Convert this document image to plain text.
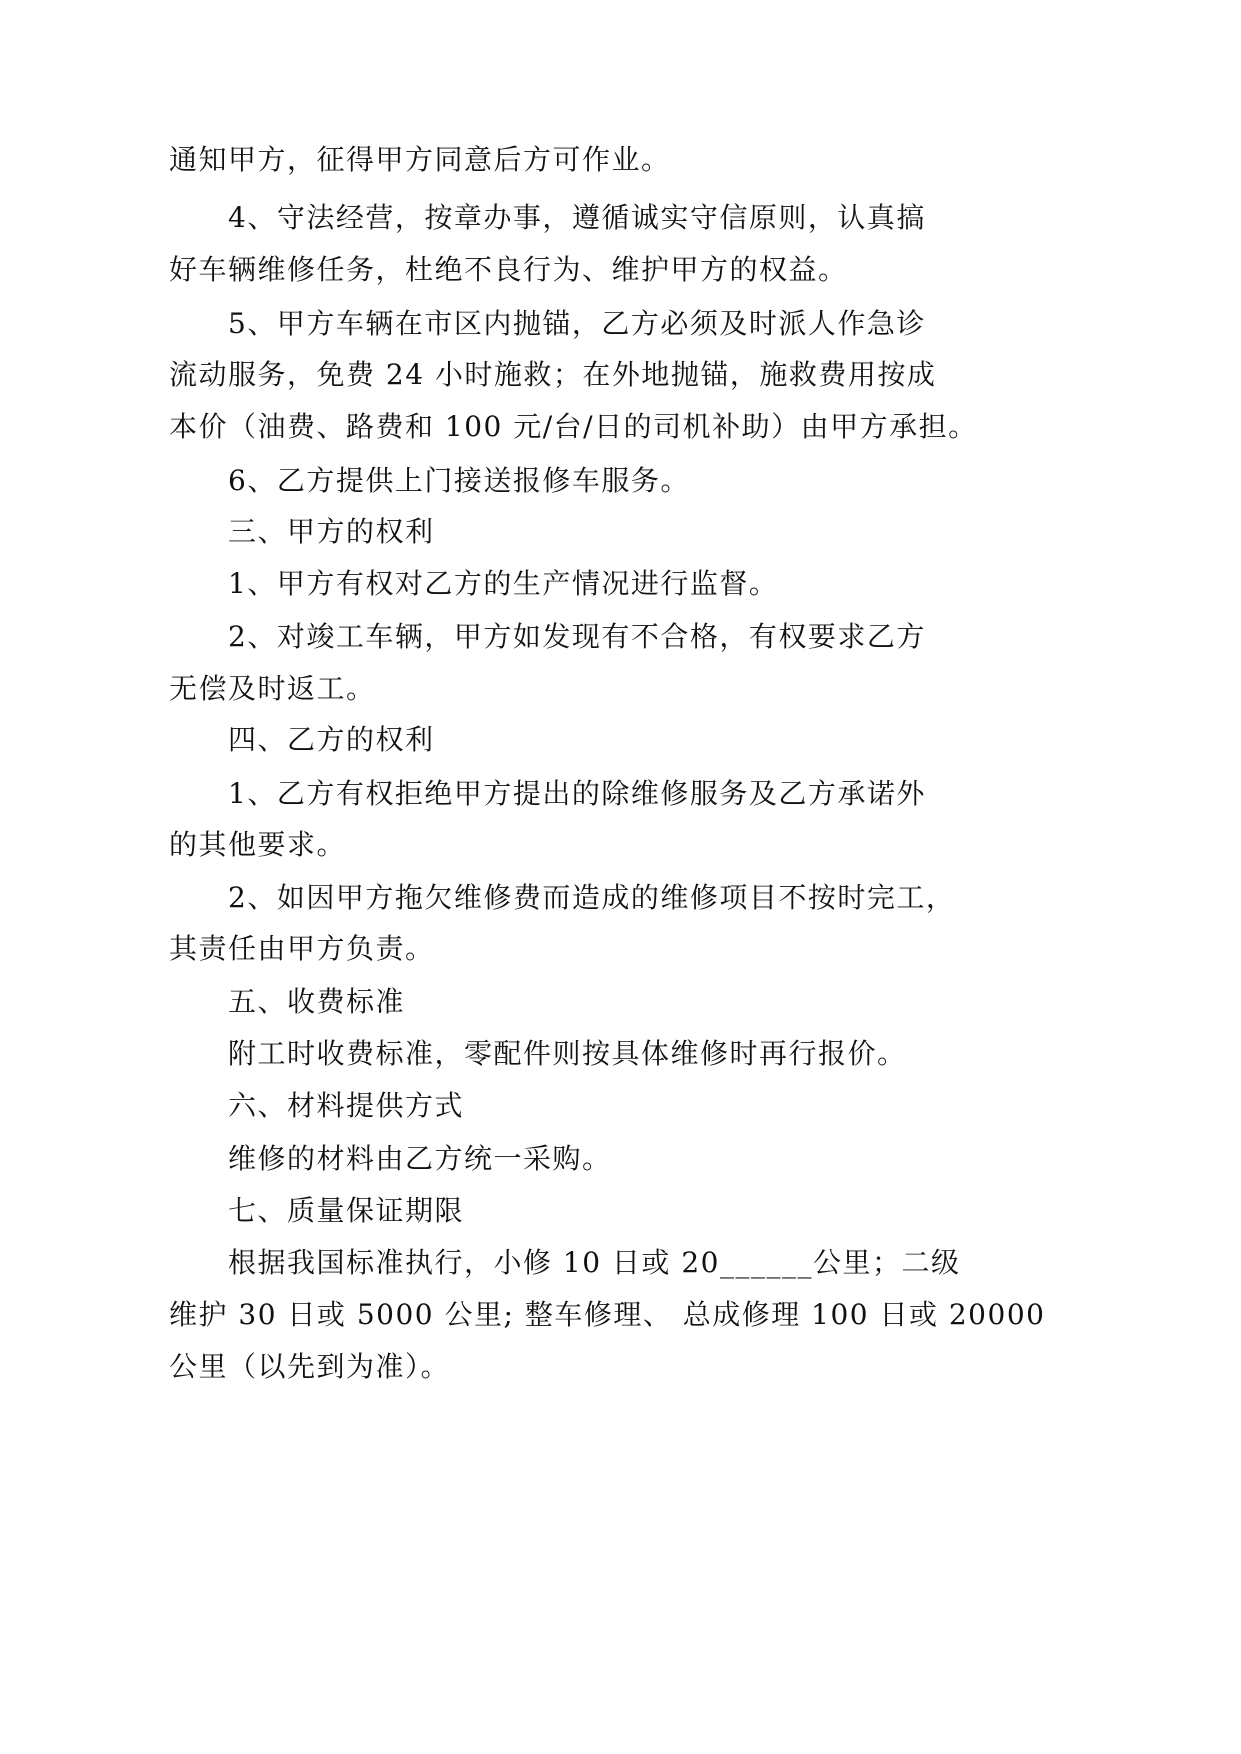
通知甲方，征得甲方同意后方可作业。
4、守法经营，按章办事，遵循诚实守信原则，认真搞
好车辆维修任务，杜绝不良行为、维护甲方的权益。
5、甲方车辆在市区内抛锚，乙方必须及时派人作急诊
流动服务，免费 24 小时施救；在外地抛锚，施救费用按成
本价（油费、路费和 100 元/台/日的司机补助）由甲方承担。
6、乙方提供上门接送报修车服务。
三、甲方的权利
1、甲方有权对乙方的生产情况进行监督。
2、对竣工车辆，甲方如发现有不合格，有权要求乙方
无偿及时返工。
四、乙方的权利
1、乙方有权拒绝甲方提出的除维修服务及乙方承诺外
的其他要求。
2、如因甲方拖欠维修费而造成的维修项目不按时完工，
其责任由甲方负责。
五、收费标准
附工时收费标准，零配件则按具体维修时再行报价。
六、材料提供方式
维修的材料由乙方统一采购。
七、质量保证期限
根据我国标准执行，小修 10 日或 20______公里；二级
维护 30 日或 5000 公里; 整车修理、 总成修理 100 日或 20000
公里（以先到为准）。
